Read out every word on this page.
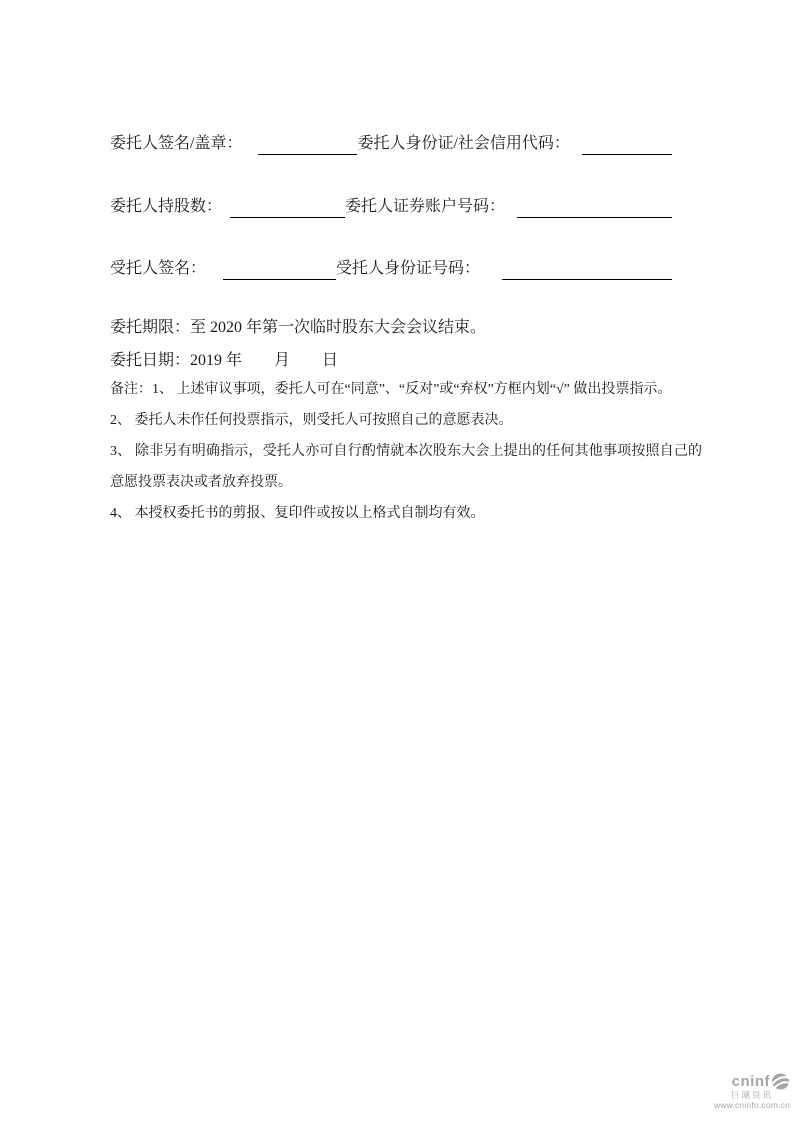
委托人签名/盖章：	委托人身份证/社会信用代码：
委托人持股数：	委托人证券账户号码：
受托人签名：	受托人身份证号码：
委托期限：至 2020 年第一次临时股东大会会议结束。
委托日期：2019 年　　月　　日

备注：1、 上述审议事项，委托人可在“同意”、“反对”或“弃权”方框内划“√” 做出投票指示。

2、 委托人未作任何投票指示，则受托人可按照自己的意愿表决。

3、 除非另有明确指示，受托人亦可自行酌情就本次股东大会上提出的任何其他事项按照自己的意愿投票表决或者放弃投票。

4、 本授权委托书的剪报、复印件或按以上格式自制均有效。

cninf
巨潮资讯
www.cninfo.com.cn
